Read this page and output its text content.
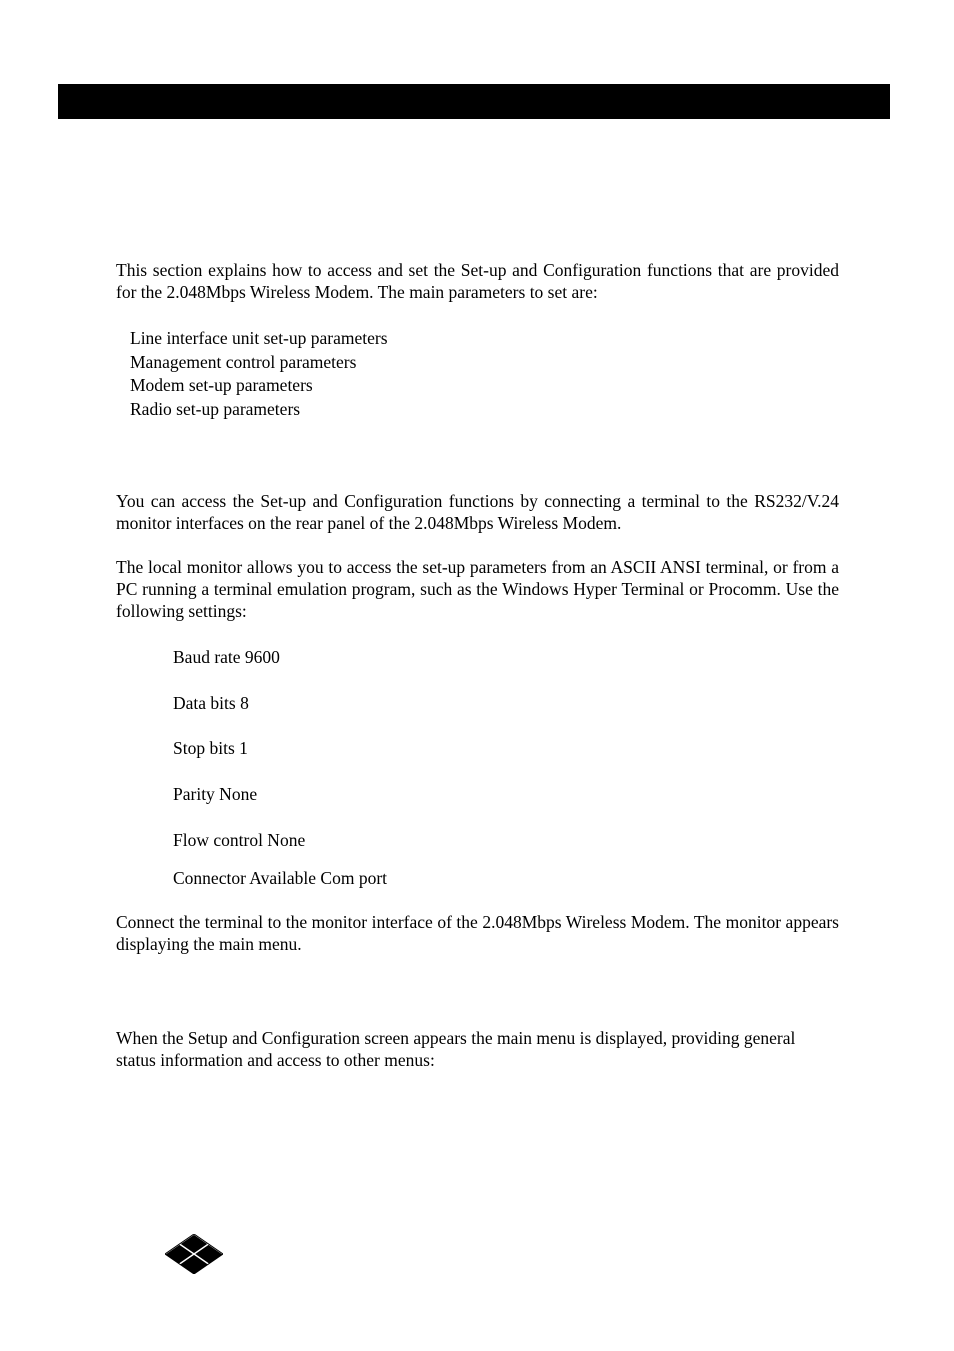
This section explains how to access and set the Set-up and Configuration functions that are provided for the 2.048Mbps Wireless Modem. The main parameters to set are:

Line interface unit set-up parameters
Management control parameters
Modem set-up parameters
Radio set-up parameters

You can access the Set-up and Configuration functions by connecting a terminal to the RS232/V.24 monitor interfaces on the rear panel of the 2.048Mbps Wireless Modem.

The local monitor allows you to access the set-up parameters from an ASCII ANSI terminal, or from a PC running a terminal emulation program, such as the Windows Hyper Terminal or Procomm. Use the following settings:

Baud rate 9600
Data bits 8
Stop bits 1
Parity None
Flow control None
Connector Available Com port

Connect the terminal to the monitor interface of the 2.048Mbps Wireless Modem. The monitor appears displaying the main menu.

When the Setup and Configuration screen appears the main menu is displayed, providing general status information and access to other menus:
